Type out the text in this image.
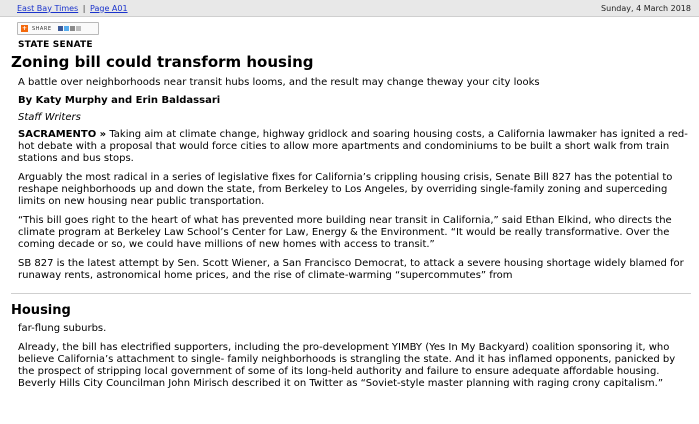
East Bay Times | Page A01	Sunday, 4 March 2018
+ SHARE
STATE SENATE
Zoning bill could transform housing
A battle over neighborhoods near transit hubs looms, and the result may change theway your city looks
By Katy Murphy and Erin Baldassari
Staff Writers

SACRAMENTO » Taking aim at climate change, highway gridlock and soaring housing costs, a California lawmaker has ignited a red-hot debate with a proposal that would force cities to allow more apartments and condominiums to be built a short walk from train stations and bus stops.

Arguably the most radical in a series of legislative fixes for California’s crippling housing crisis, Senate Bill 827 has the potential to reshape neighborhoods up and down the state, from Berkeley to Los Angeles, by overriding single-family zoning and superceding limits on new housing near public transportation.

“This bill goes right to the heart of what has prevented more building near transit in California,” said Ethan Elkind, who directs the climate program at Berkeley Law School’s Center for Law, Energy & the Environment. “It would be really transformative. Over the coming decade or so, we could have millions of new homes with access to transit.”

SB 827 is the latest attempt by Sen. Scott Wiener, a San Francisco Democrat, to attack a severe housing shortage widely blamed for runaway rents, astronomical home prices, and the rise of climate-warming “supercommutes” from

Housing

far-flung suburbs.

Already, the bill has electrified supporters, including the pro-development YIMBY (Yes In My Backyard) coalition sponsoring it, who believe California’s attachment to single- family neighborhoods is strangling the state. And it has inflamed opponents, panicked by the prospect of stripping local government of some of its long-held authority and failure to ensure adequate affordable housing. Beverly Hills City Councilman John Mirisch described it on Twitter as “Soviet-style master planning with raging crony capitalism.”
